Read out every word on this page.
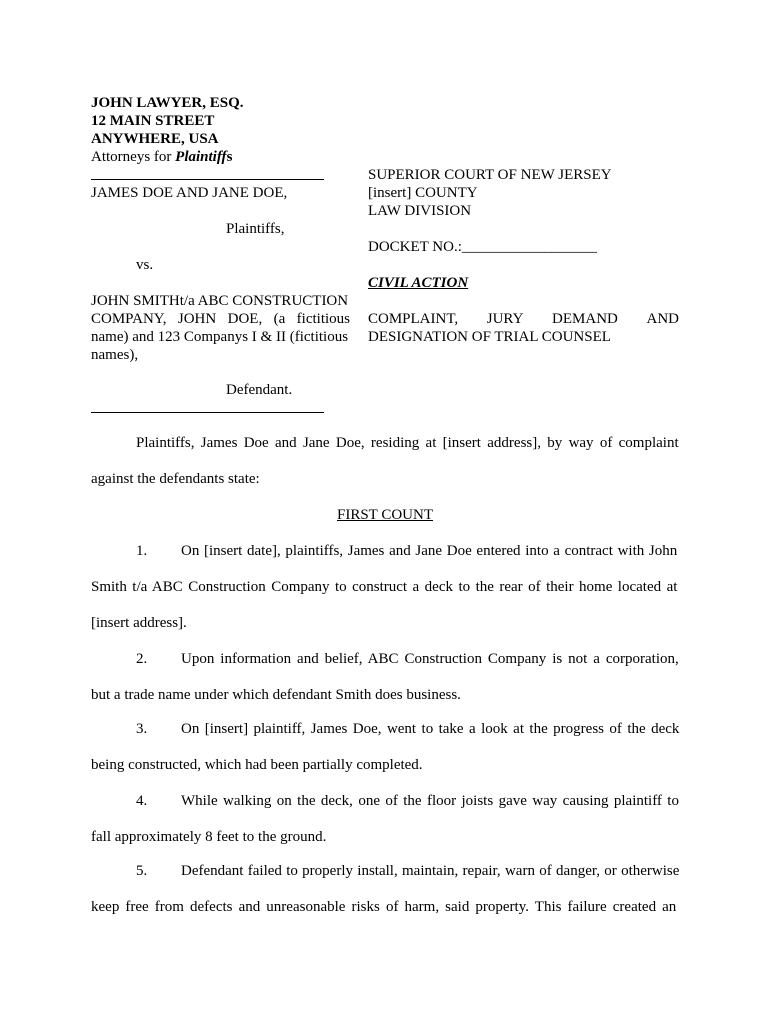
JOHN LAWYER, ESQ.
12 MAIN STREET
ANYWHERE, USA
Attorneys for Plaintiffs
JAMES DOE AND JANE DOE,
Plaintiffs,
vs.
JOHN SMITHt/a ABC CONSTRUCTION
COMPANY, JOHN DOE, (a fictitious
name) and 123 Companys I & II (fictitious
names),
Defendant.
SUPERIOR COURT OF NEW JERSEY
[insert] COUNTY
LAW DIVISION
DOCKET NO.:__________________
CIVIL ACTION
COMPLAINT, JURY DEMAND AND
DESIGNATION OF TRIAL COUNSEL
Plaintiffs, James Doe and Jane Doe, residing at [insert address], by way of complaint
against the defendants state:
FIRST COUNT
1. On [insert date], plaintiffs, James and Jane Doe entered into a contract with John
Smith t/a ABC Construction Company to construct a deck to the rear of their home located at
[insert address].
2. Upon information and belief, ABC Construction Company is not a corporation,
but a trade name under which defendant Smith does business.
3. On [insert] plaintiff, James Doe, went to take a look at the progress of the deck
being constructed, which had been partially completed.
4. While walking on the deck, one of the floor joists gave way causing plaintiff to
fall approximately 8 feet to the ground.
5. Defendant failed to properly install, maintain, repair, warn of danger, or otherwise
keep free from defects and unreasonable risks of harm, said property. This failure created an
